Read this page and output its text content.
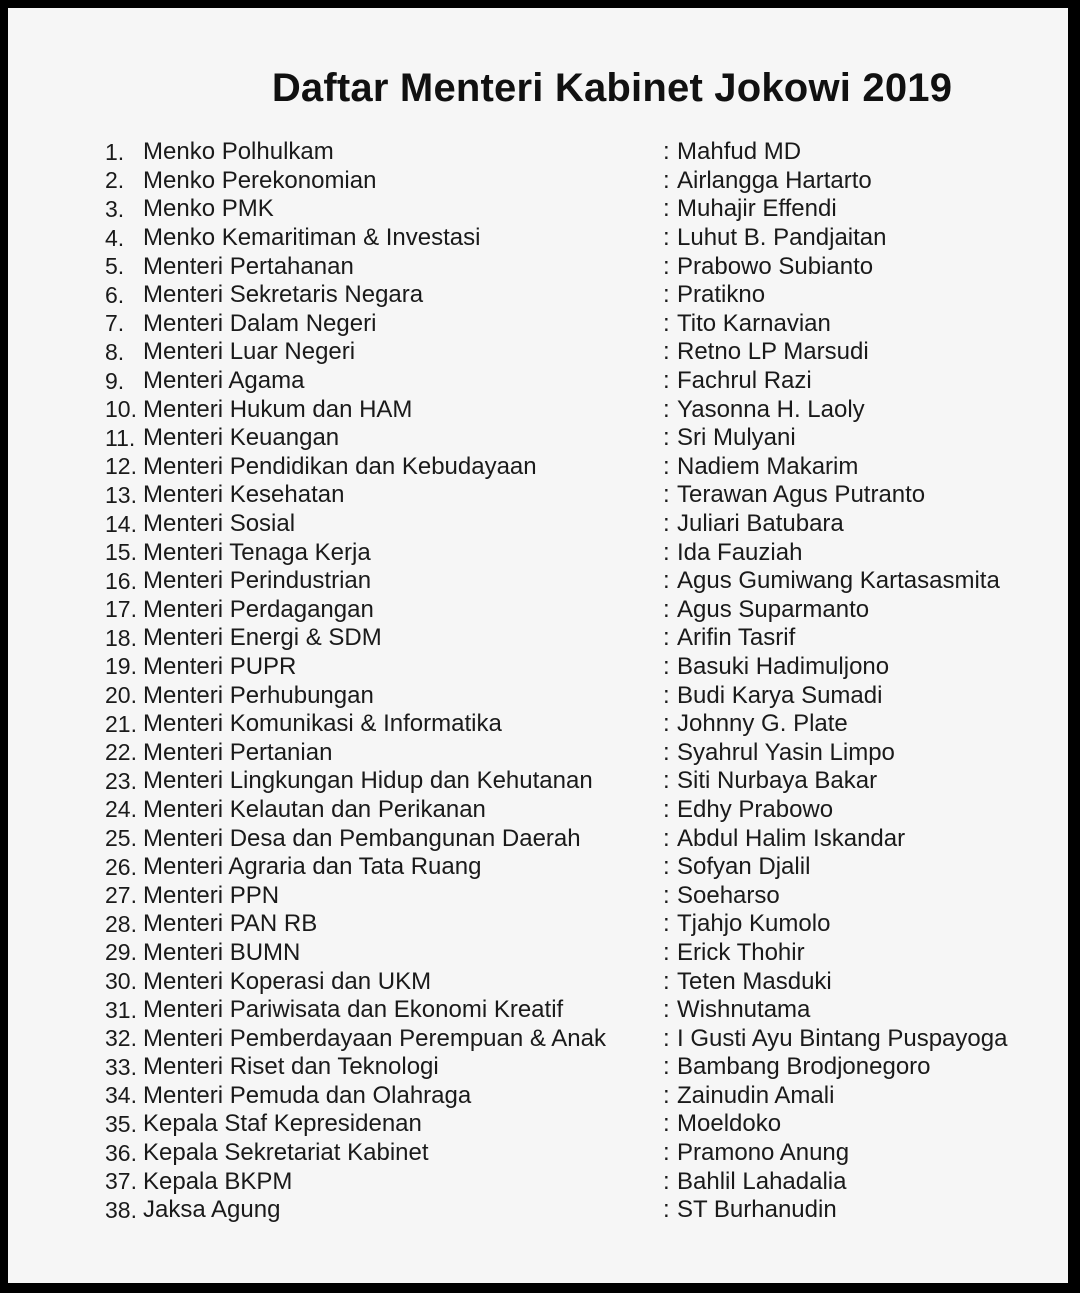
Daftar Menteri Kabinet Jokowi 2019
1. Menko Polhulkam	: Mahfud MD
2. Menko Perekonomian	: Airlangga Hartarto
3. Menko PMK	: Muhajir Effendi
4. Menko Kemaritiman & Investasi	: Luhut B. Pandjaitan
5. Menteri Pertahanan	: Prabowo Subianto
6. Menteri Sekretaris Negara	: Pratikno
7. Menteri Dalam Negeri	: Tito Karnavian
8. Menteri Luar Negeri	: Retno LP Marsudi
9. Menteri Agama	: Fachrul Razi
10. Menteri Hukum dan HAM	: Yasonna H. Laoly
11. Menteri Keuangan	: Sri Mulyani
12. Menteri Pendidikan dan Kebudayaan	: Nadiem Makarim
13. Menteri Kesehatan	: Terawan Agus Putranto
14. Menteri Sosial	: Juliari Batubara
15. Menteri Tenaga Kerja	: Ida Fauziah
16. Menteri Perindustrian	: Agus Gumiwang Kartasasmita
17. Menteri Perdagangan	: Agus Suparmanto
18. Menteri Energi & SDM	: Arifin Tasrif
19. Menteri PUPR	: Basuki Hadimuljono
20. Menteri Perhubungan	: Budi Karya Sumadi
21. Menteri Komunikasi & Informatika	: Johnny G. Plate
22. Menteri Pertanian	: Syahrul Yasin Limpo
23. Menteri Lingkungan Hidup dan Kehutanan	: Siti Nurbaya Bakar
24. Menteri Kelautan dan Perikanan	: Edhy Prabowo
25. Menteri Desa dan Pembangunan Daerah	: Abdul Halim Iskandar
26. Menteri Agraria dan Tata Ruang	: Sofyan Djalil
27. Menteri PPN	: Soeharso
28. Menteri PAN RB	: Tjahjo Kumolo
29. Menteri BUMN	: Erick Thohir
30. Menteri Koperasi dan UKM	: Teten Masduki
31. Menteri Pariwisata dan Ekonomi Kreatif	: Wishnutama
32. Menteri Pemberdayaan Perempuan & Anak	: I Gusti Ayu Bintang Puspayoga
33. Menteri Riset dan Teknologi	: Bambang Brodjonegoro
34. Menteri Pemuda dan Olahraga	: Zainudin Amali
35. Kepala Staf Kepresidenan	: Moeldoko
36. Kepala Sekretariat Kabinet	: Pramono Anung
37. Kepala BKPM	: Bahlil Lahadalia
38. Jaksa Agung	: ST Burhanudin
